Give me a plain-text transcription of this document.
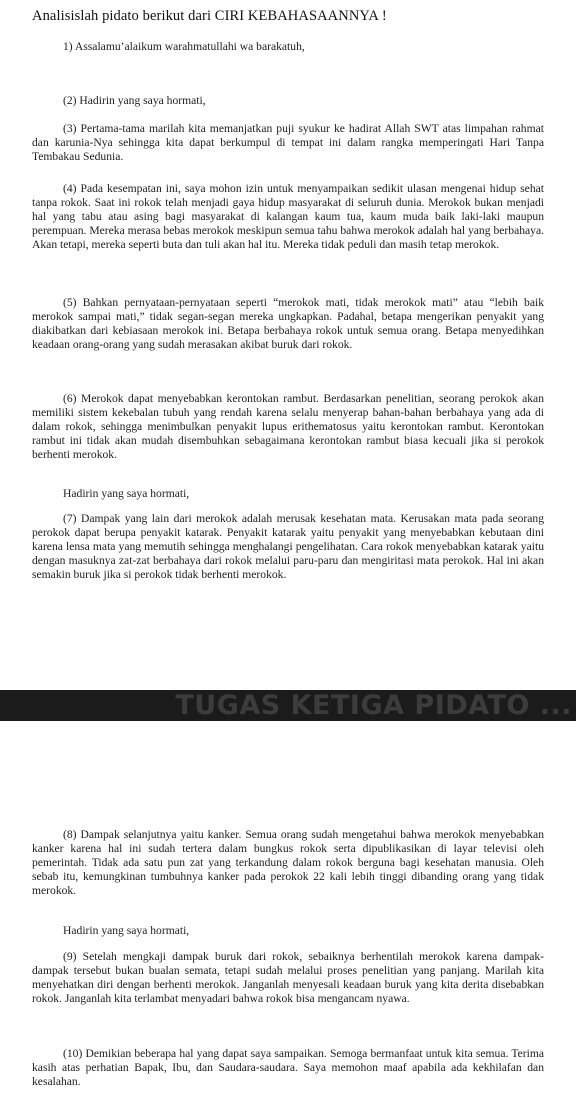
Analisislah pidato berikut dari CIRI KEBAHASAANNYA !
1) Assalamu’alaikum warahmatullahi wa barakatuh,
(2) Hadirin yang saya hormati,
(3) Pertama-tama marilah kita memanjatkan puji syukur ke hadirat Allah SWT atas limpahan rahmat dan karunia-Nya sehingga kita dapat berkumpul di tempat ini dalam rangka memperingati Hari Tanpa Tembakau Sedunia.
(4) Pada kesempatan ini, saya mohon izin untuk menyampaikan sedikit ulasan mengenai hidup sehat tanpa rokok. Saat ini rokok telah menjadi gaya hidup masyarakat di seluruh dunia. Merokok bukan menjadi hal yang tabu atau asing bagi masyarakat di kalangan kaum tua, kaum muda baik laki-laki maupun perempuan. Mereka merasa bebas merokok meskipun semua tahu bahwa merokok adalah hal yang berbahaya. Akan tetapi, mereka seperti buta dan tuli akan hal itu. Mereka tidak peduli dan masih tetap merokok.
(5) Bahkan pernyataan-pernyataan seperti “merokok mati, tidak merokok mati” atau “lebih baik merokok sampai mati,” tidak segan-segan mereka ungkapkan. Padahal, betapa mengerikan penyakit yang diakibatkan dari kebiasaan merokok ini. Betapa berbahaya rokok untuk semua orang. Betapa menyedihkan keadaan orang-orang yang sudah merasakan akibat buruk dari rokok.
(6) Merokok dapat menyebabkan kerontokan rambut. Berdasarkan penelitian, seorang perokok akan memiliki sistem kekebalan tubuh yang rendah karena selalu menyerap bahan-bahan berbahaya yang ada di dalam rokok, sehingga menimbulkan penyakit lupus erithematosus yaitu kerontokan rambut. Kerontokan rambut ini tidak akan mudah disembuhkan sebagaimana kerontokan rambut biasa kecuali jika si perokok berhenti merokok.
Hadirin yang saya hormati,
(7) Dampak yang lain dari merokok adalah merusak kesehatan mata. Kerusakan mata pada seorang perokok dapat berupa penyakit katarak. Penyakit katarak yaitu penyakit yang menyebabkan kebutaan dini karena lensa mata yang memutih sehingga menghalangi pengelihatan. Cara rokok menyebabkan katarak yaitu dengan masuknya zat-zat berbahaya dari rokok melalui paru-paru dan mengiritasi mata perokok. Hal ini akan semakin buruk jika si perokok tidak berhenti merokok.
TUGAS KETIGA PIDATO ...
(8) Dampak selanjutnya yaitu kanker. Semua orang sudah mengetahui bahwa merokok menyebabkan kanker karena hal ini sudah tertera dalam bungkus rokok serta dipublikasikan di layar televisi oleh pemerintah. Tidak ada satu pun zat yang terkandung dalam rokok berguna bagi kesehatan manusia. Oleh sebab itu, kemungkinan tumbuhnya kanker pada perokok 22 kali lebih tinggi dibanding orang yang tidak merokok.
Hadirin yang saya hormati,
(9) Setelah mengkaji dampak buruk dari rokok, sebaiknya berhentilah merokok karena dampak-dampak tersebut bukan bualan semata, tetapi sudah melalui proses penelitian yang panjang. Marilah kita menyehatkan diri dengan berhenti merokok. Janganlah menyesali keadaan buruk yang kita derita disebabkan rokok. Janganlah kita terlambat menyadari bahwa rokok bisa mengancam nyawa.
(10) Demikian beberapa hal yang dapat saya sampaikan. Semoga bermanfaat untuk kita semua. Terima kasih atas perhatian Bapak, Ibu, dan Saudara-saudara. Saya memohon maaf apabila ada kekhilafan dan kesalahan.
